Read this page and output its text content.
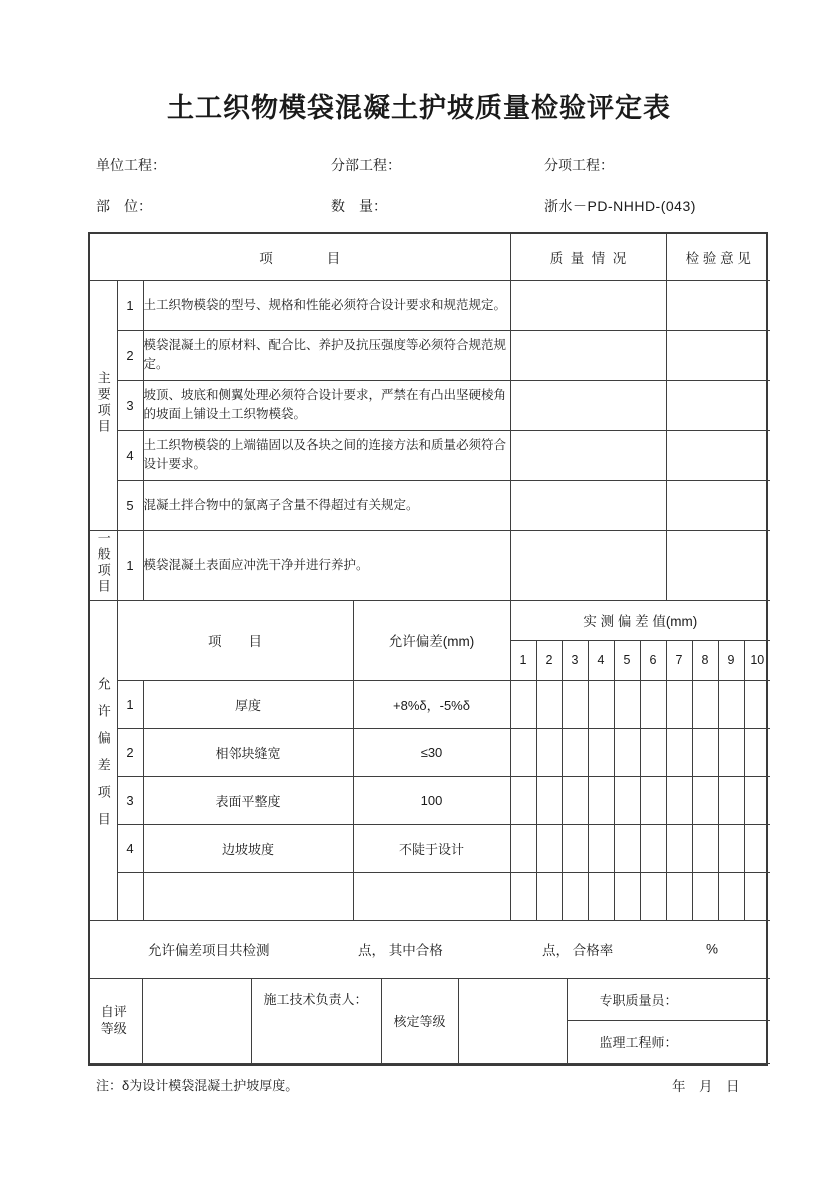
土工织物模袋混凝土护坡质量检验评定表
单位工程：	分部工程：	分项工程：
部　位：	数　量：	浙水－PD-NHHD-(043)
项　　　　目			质  量  情  况	检 验 意 见
主要项目	1	土工织物模袋的型号、规格和性能必须符合设计要求和规范规定。		
	2	模袋混凝土的原材料、配合比、养护及抗压强度等必须符合规范规定。		
	3	坡顶、坡底和侧翼处理必须符合设计要求，严禁在有凸出坚硬棱角的坡面上铺设土工织物模袋。		
	4	土工织物模袋的上端锚固以及各块之间的连接方法和质量必须符合设计要求。		
	5	混凝土拌合物中的氯离子含量不得超过有关规定。		
一般项目	1	模袋混凝土表面应冲洗干净并进行养护。		
允许偏差项目	项　　目		允许偏差(mm)	实 测 偏 差 值(mm)									
				1	2	3	4	5	6	7	8	9	10
	1	厚度	+8%δ，-5%δ										
	2	相邻块缝宽	≤30										
	3	表面平整度	100										
	4	边坡坡度	不陡于设计										

允许偏差项目共检测	点， 其中合格	点， 合格率	%
自评等级		施工技术负责人：	核定等级		
专职质量员：
监理工程师：
注：δ为设计模袋混凝土护坡厚度。	年　月　日
